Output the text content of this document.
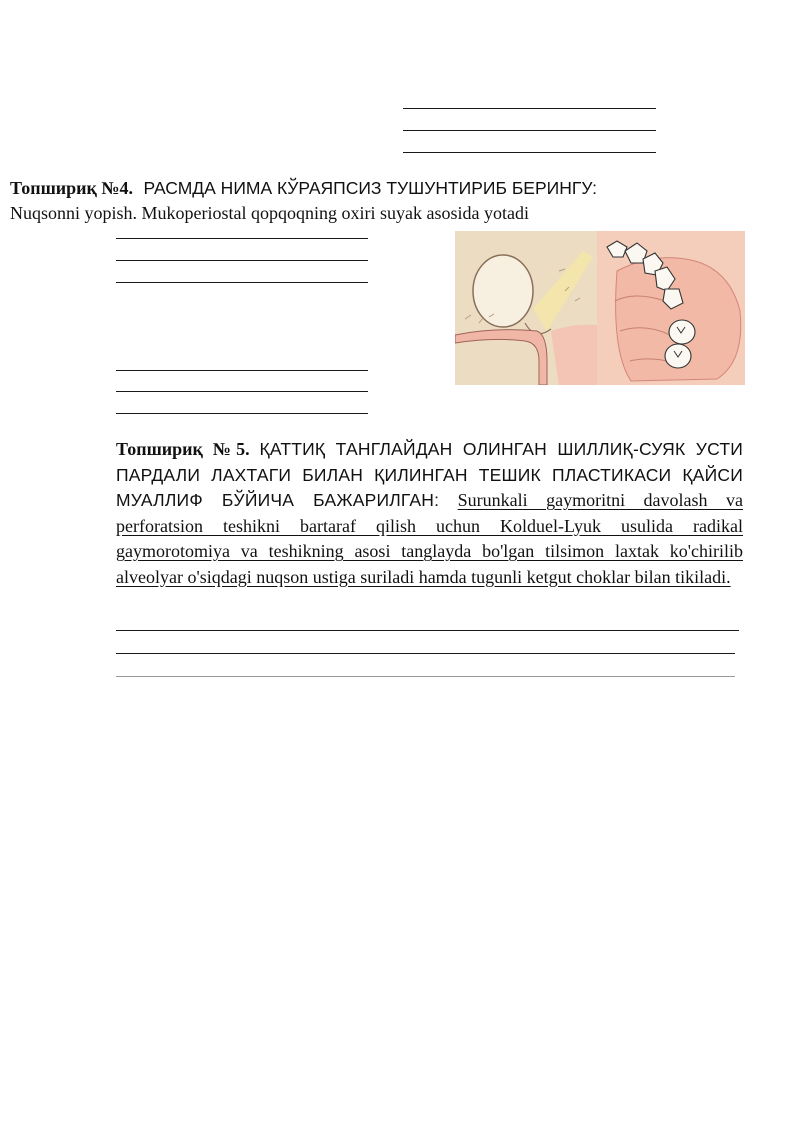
Топшириқ №4. РАСМДА НИМА КЎРАЯПСИЗ ТУШУНТИРИБ БЕРИНГУ:
Nuqsonni yopish. Mukoperiostal qopqoqning oxiri suyak asosida yotadi
Топшириқ №5. ҚАТТИҚ ТАНГЛАЙДАН ОЛИНГАН ШИЛЛИҚ-СУЯК УСТИ ПАРДАЛИ ЛАХТАГИ БИЛАН ҚИЛИНГАН ТЕШИК ПЛАСТИКАСИ ҚАЙСИ МУАЛЛИФ БЎЙИЧА БАЖАРИЛГАН: Surunkali gaymoritni davolash va perforatsion teshikni bartaraf qilish uchun Kolduel-Lyuk usulida radikal gaymorotomiya va teshikning asosi tanglayda bo'lgan tilsimon laxtak ko'chirilib alveolyar o'siqdagi nuqson ustiga suriladi hamda tugunli ketgut choklar bilan tikiladi.
